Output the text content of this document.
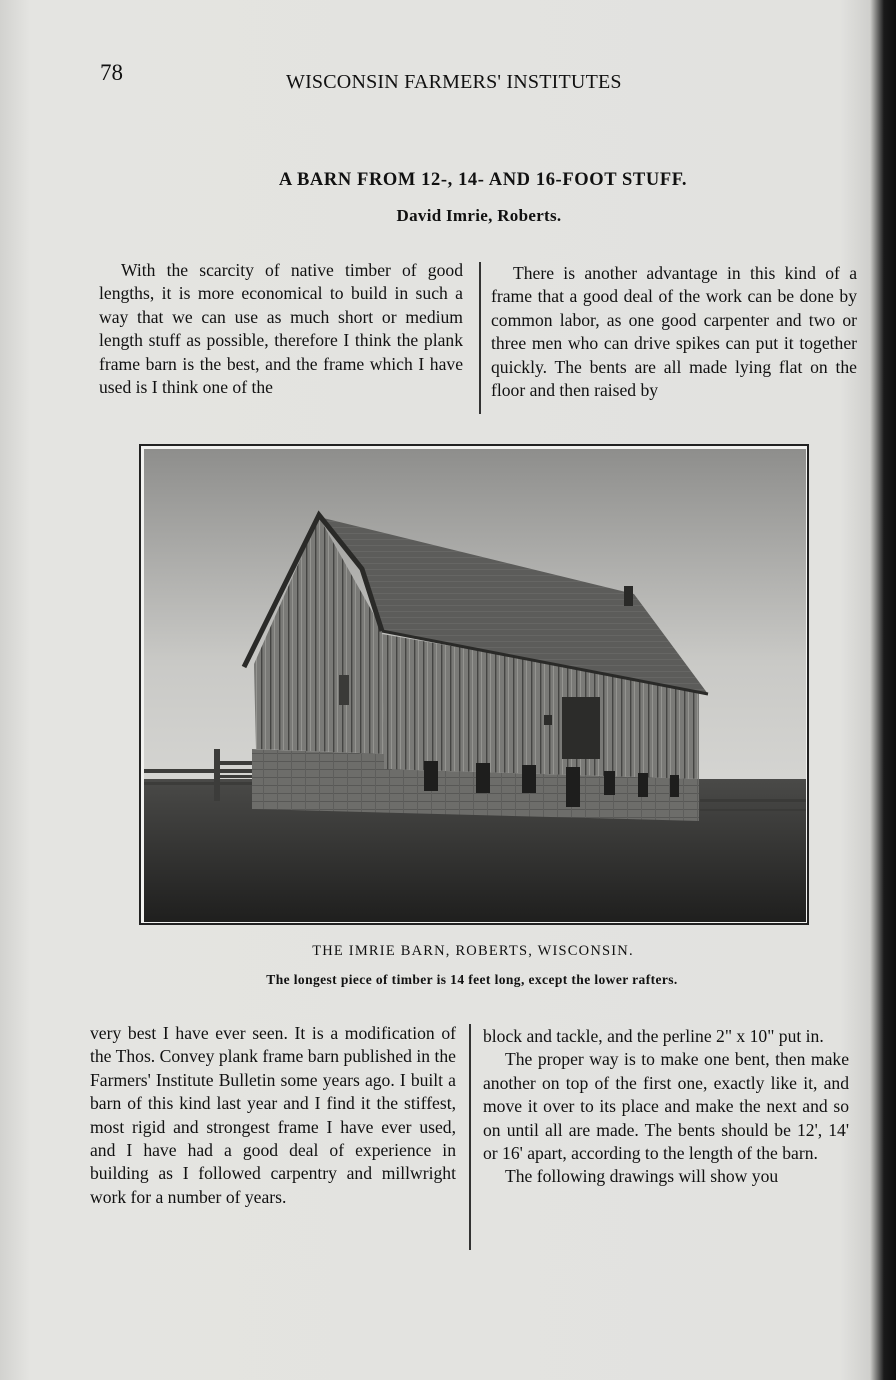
78	WISCONSIN FARMERS' INSTITUTES
A BARN FROM 12-, 14- AND 16-FOOT STUFF.
David Imrie, Roberts.

With the scarcity of native timber of good lengths, it is more economical to build in such a way that we can use as much short or medium length stuff as possible, therefore I think the plank frame barn is the best, and the frame which I have used is I think one of the

There is another advantage in this kind of a frame that a good deal of the work can be done by common labor, as one good carpenter and two or three men who can drive spikes can put it together quickly. The bents are all made lying flat on the floor and then raised by

THE IMRIE BARN, ROBERTS, WISCONSIN.
The longest piece of timber is 14 feet long, except the lower rafters.

very best I have ever seen. It is a modification of the Thos. Convey plank frame barn published in the Farmers' Institute Bulletin some years ago. I built a barn of this kind last year and I find it the stiffest, most rigid and strongest frame I have ever used, and I have had a good deal of experience in building as I followed carpentry and millwright work for a number of years.

block and tackle, and the perline 2" x 10" put in.

The proper way is to make one bent, then make another on top of the first one, exactly like it, and move it over to its place and make the next and so on until all are made. The bents should be 12', 14' or 16' apart, according to the length of the barn.

The following drawings will show you
